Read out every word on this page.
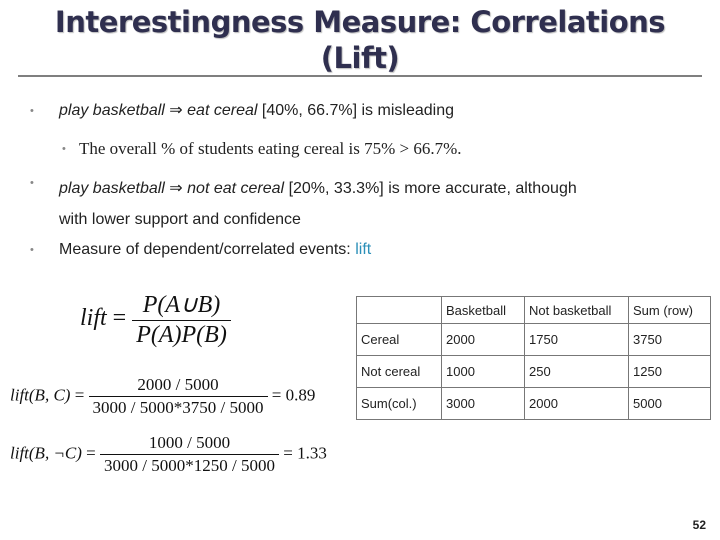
Interestingness Measure: Correlations
(Lift)
• play basketball ⇒ eat cereal [40%, 66.7%] is misleading
• The overall % of students eating cereal is 75% > 66.7%.
• play basketball ⇒ not eat cereal [20%, 33.3%] is more accurate, although
with lower support and confidence
• Measure of dependent/correlated events: lift
lift = $\frac{P(A\cup B)}{P(A)P(B)}$
lift(B, $C) = \frac{2000 / 5000}{3000 / 5000*3750 / 5000} = 0.89$
lift(B, ¬C) = $\frac{1000 / 5000}{3000 / 5000*1250 / 5000} = 1.33$
	Basketball	Not basketball	Sum (row)
Cereal	2000	1750	3750
Not cereal	1000	250	1250
Sum(col.)	3000	2000	5000
52
